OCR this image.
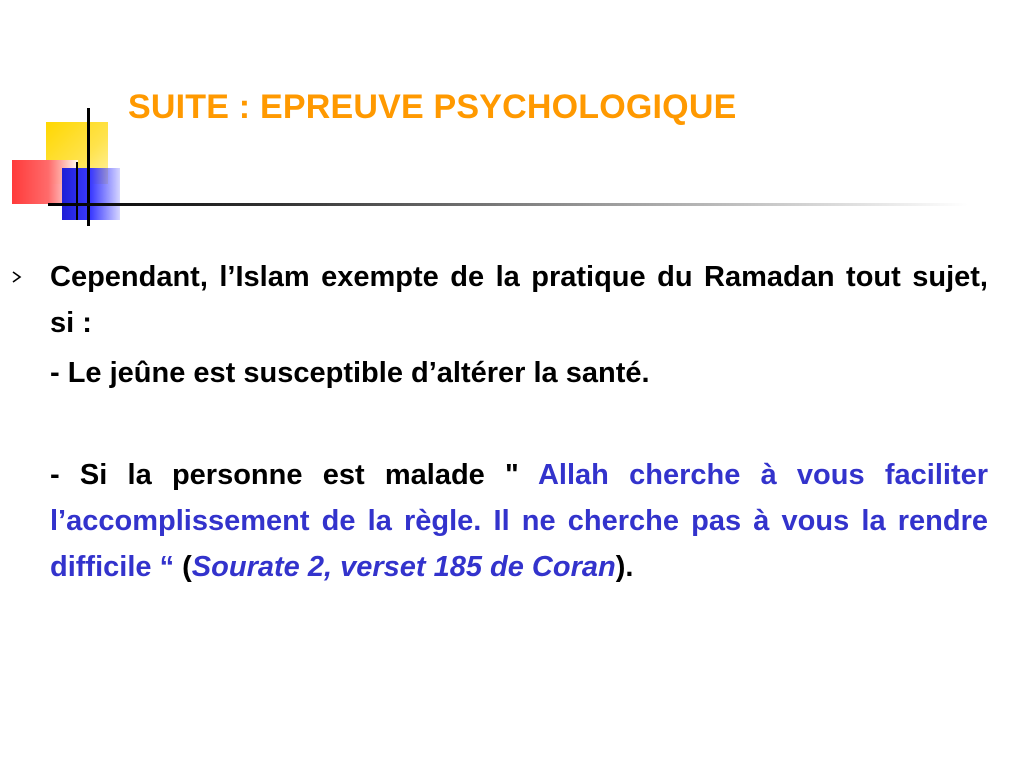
SUITE : EPREUVE PSYCHOLOGIQUE

Cependant, l’Islam exempte de la pratique du Ramadan tout sujet, si :

- Le jeûne est susceptible d’altérer la santé.

- Si la personne est malade " Allah cherche à vous faciliter l’accomplissement de la règle. Il ne cherche pas à vous la rendre difficile “ (Sourate 2, verset 185 de Coran).
